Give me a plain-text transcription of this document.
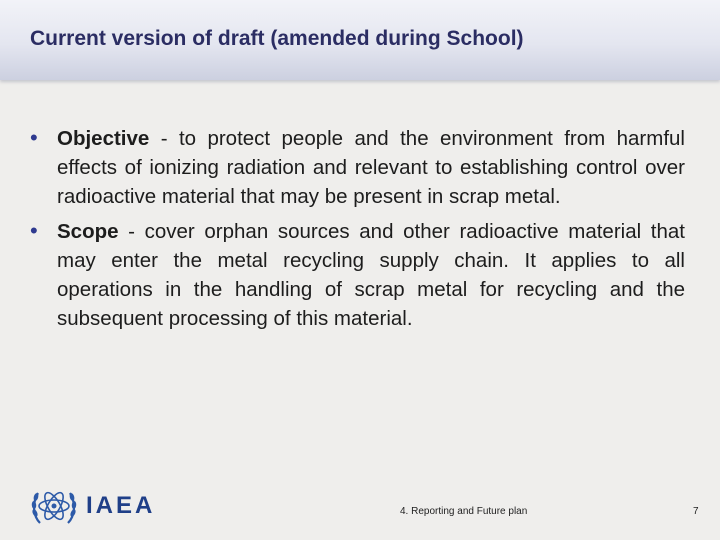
Current version of draft (amended during School)
• Objective - to protect people and the environment from harmful effects of ionizing radiation and relevant to establishing control over radioactive material that may be present in scrap metal.
• Scope - cover orphan sources and other radioactive material that may enter the metal recycling supply chain. It applies to all operations in the handling of scrap metal for recycling and the subsequent processing of this material.
IAEA	4. Reporting and Future plan	7
